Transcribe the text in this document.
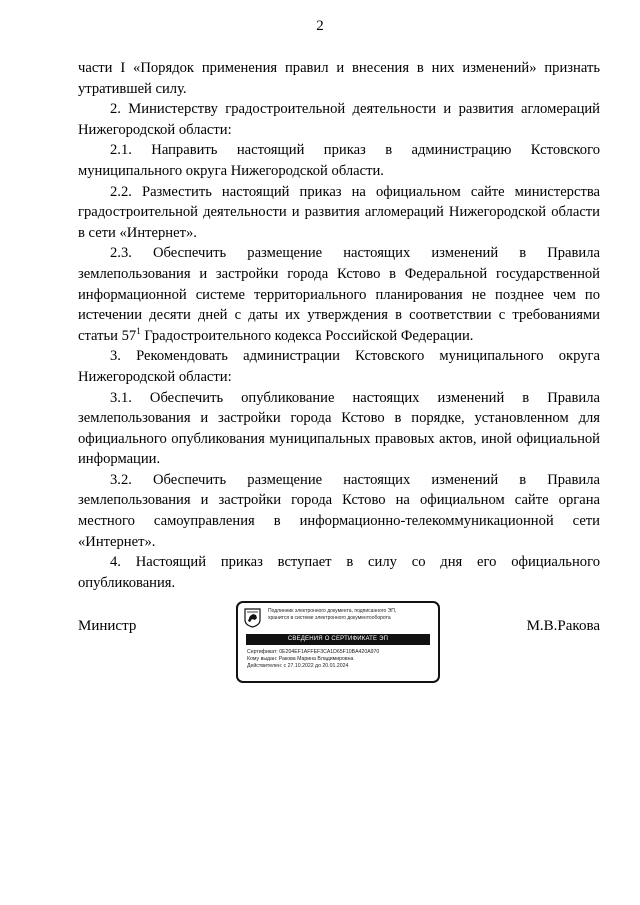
2

части I «Порядок применения правил и внесения в них изменений» признать утратившей силу.

2. Министерству градостроительной деятельности и развития агломераций Нижегородской области:

2.1. Направить настоящий приказ в администрацию Кстовского муниципального округа Нижегородской области.

2.2. Разместить настоящий приказ на официальном сайте министерства градостроительной деятельности и развития агломераций Нижегородской области в сети «Интернет».

2.3. Обеспечить размещение настоящих изменений в Правила землепользования и застройки города Кстово в Федеральной государственной информационной системе территориального планирования не позднее чем по истечении десяти дней с даты их утверждения в соответствии с требованиями статьи $57^1$ Градостроительного кодекса Российской Федерации.

3. Рекомендовать администрации Кстовского муниципального округа Нижегородской области:

3.1. Обеспечить опубликование настоящих изменений в Правила землепользования и застройки города Кстово в порядке, установленном для официального опубликования муниципальных правовых актов, иной официальной информации.

3.2. Обеспечить размещение настоящих изменений в Правила землепользования и застройки города Кстово на официальном сайте органа местного самоуправления в информационно-телекоммуникационной сети «Интернет».

4. Настоящий приказ вступает в силу со дня его официального опубликования.

Министр
Подлинник электронного документа, подписанного ЭП,
хранится в системе электронного документооборота
СВЕДЕНИЯ О СЕРТИФИКАТЕ ЭП
Сертификат: 0E204EF1AFFEF3CA1D65F10BA420A970
Кому выдан: Ракова Марина Владимировна
Действителен: с 27.10.2022 до 20.01.2024
М.В.Ракова
